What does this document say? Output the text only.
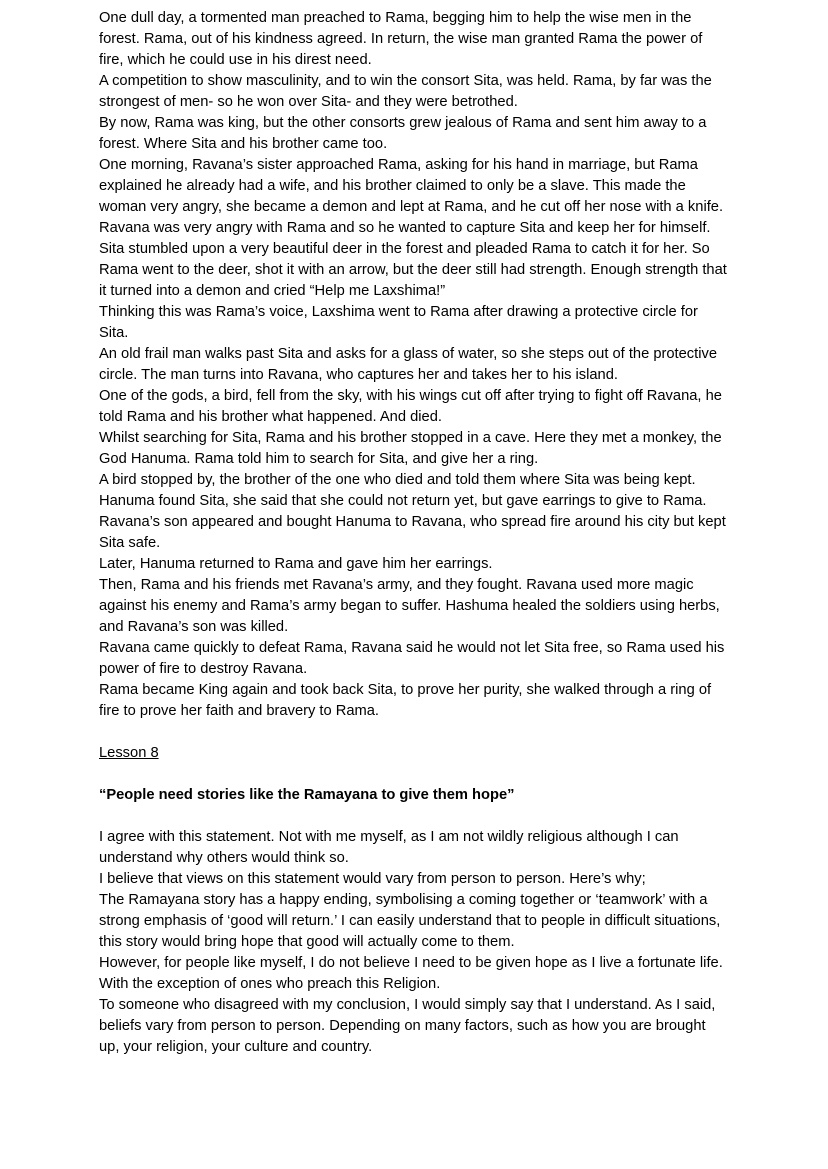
One dull day, a tormented man preached to Rama, begging him to help the wise men in the forest. Rama, out of his kindness agreed. In return, the wise man granted Rama the power of fire, which he could use in his direst need.

A competition to show masculinity, and to win the consort Sita, was held. Rama, by far was the strongest of men- so he won over Sita- and they were betrothed.

By now, Rama was king, but the other consorts grew jealous of Rama and sent him away to a forest. Where Sita and his brother came too.

One morning, Ravana’s sister approached Rama, asking for his hand in marriage, but Rama explained he already had a wife, and his brother claimed to only be a slave. This made the woman very angry, she became a demon and lept at Rama, and he cut off her nose with a knife.

Ravana was very angry with Rama and so he wanted to capture Sita and keep her for himself.

Sita stumbled upon a very beautiful deer in the forest and pleaded Rama to catch it for her. So Rama went to the deer, shot it with an arrow, but the deer still had strength. Enough strength that it turned into a demon and cried “Help me Laxshima!”

Thinking this was Rama’s voice, Laxshima went to Rama after drawing a protective circle for Sita.

An old frail man walks past Sita and asks for a glass of water, so she steps out of the protective circle. The man turns into Ravana, who captures her and takes her to his island.

One of the gods, a bird, fell from the sky, with his wings cut off after trying to fight off Ravana, he told Rama and his brother what happened. And died.

Whilst searching for Sita, Rama and his brother stopped in a cave. Here they met a monkey, the God Hanuma. Rama told him to search for Sita, and give her a ring.

A bird stopped by, the brother of the one who died and told them where Sita was being kept. Hanuma found Sita, she said that she could not return yet, but gave earrings to give to Rama.

Ravana’s son appeared and bought Hanuma to Ravana, who spread fire around his city but kept Sita safe.

Later, Hanuma returned to Rama and gave him her earrings.

Then, Rama and his friends met Ravana’s army, and they fought. Ravana used more magic against his enemy and Rama’s army began to suffer. Hashuma healed the soldiers using herbs, and Ravana’s son was killed.

Ravana came quickly to defeat Rama, Ravana said he would not let Sita free, so Rama used his power of fire to destroy Ravana.

Rama became King again and took back Sita, to prove her purity, she walked through a ring of fire to prove her faith and bravery to Rama.

Lesson 8

“People need stories like the Ramayana to give them hope”

I agree with this statement. Not with me myself, as I am not wildly religious although I can understand why others would think so.

I believe that views on this statement would vary from person to person. Here’s why;

The Ramayana story has a happy ending, symbolising a coming together or ‘teamwork’ with a strong emphasis of ‘good will return.’ I can easily understand that to people in difficult situations, this story would bring hope that good will actually come to them.

However, for people like myself, I do not believe I need to be given hope as I live a fortunate life. With the exception of ones who preach this Religion.

To someone who disagreed with my conclusion, I would simply say that I understand. As I said, beliefs vary from person to person. Depending on many factors, such as how you are brought up, your religion, your culture and country.
